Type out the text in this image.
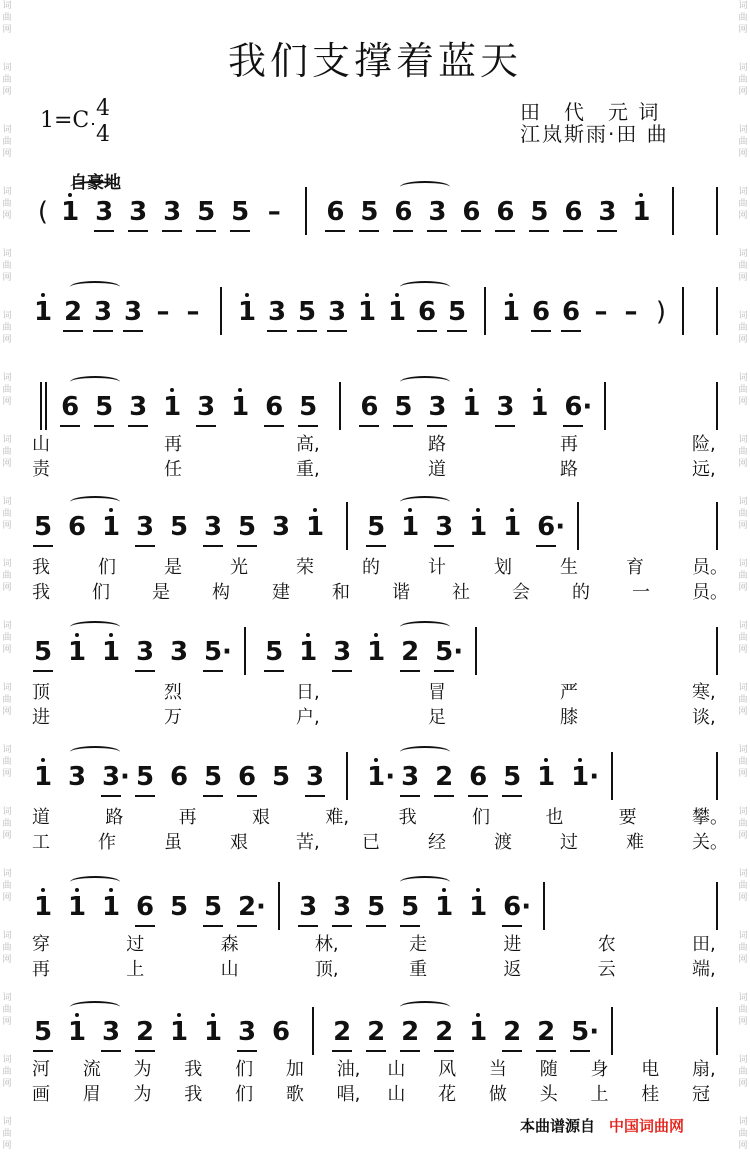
词
曲
网
词
曲
网
词
曲
网
词
曲
网
词
曲
网
词
曲
网
词
曲
网
词
曲
网
词
曲
网
词
曲
网
词
曲
网
词
曲
网
词
曲
网
词
曲
网
词
曲
网
词
曲
网
词
曲
网
词
曲
网
词
曲
网
词
曲
网
词
曲
网
词
曲
网
词
曲
网
词
曲
网
词
曲
网
词
曲
网
词
曲
网
词
曲
网
词
曲
网
词
曲
网
词
曲
网
词
曲
网
词
曲
网
词
曲
网
词
曲
网
词
曲
网
词
曲
网
词
曲
网
我们支撑着蓝天
1=C 4
4
田　代　元 词
江岚斯雨·田 曲
自豪地
( 1 3 3 3 5 5 – 6 5 6 3 6 6 5 6 3 1
1 2 3 3 – – 1 3 5 3 1 1 6 5 1 6 6 – – )
6 5 3 1 3 1 6 5 6 5 3 1 3 1 6 ·
山	再	高,	路	再	险,
责	任	重,	道	路	远,
5 6 1 3 5 3 5 3 1 5 1 3 1 1 6 ·
我	们	是	光	荣	的	计	划	生	育	员。
我 们 是 构 建 和 谐 社 会 的 一 员。
5 1 1 3 3 5 · 5 1 3 1 2 5 ·
顶	烈	日,	冒	严	寒,
进	万	户,	足	膝	谈,
1 3 3 · 5 6 5 6 5 3 1 · 3 2 6 5 1 1 ·
道	路	再	艰	难,	我	们	也	要	攀。
工	作	虽	艰	苦, 已	经	渡	过	难	关。
1 1 1 6 5 5 2 · 3 3 5 5 1 1 6 ·
穿	过	森	林,	走	进	农	田,
再	上	山	顶,	重	返	云	端,
5 1 3 2 1 1 3 6 2 2 2 2 1 2 2 5 ·
河 流 为 我 们 加 油, 山 风 当 随 身 电 扇,
画 眉 为 我 们 歌 唱, 山 花 做 头 上 桂 冠
本曲谱源自 中国词曲网
